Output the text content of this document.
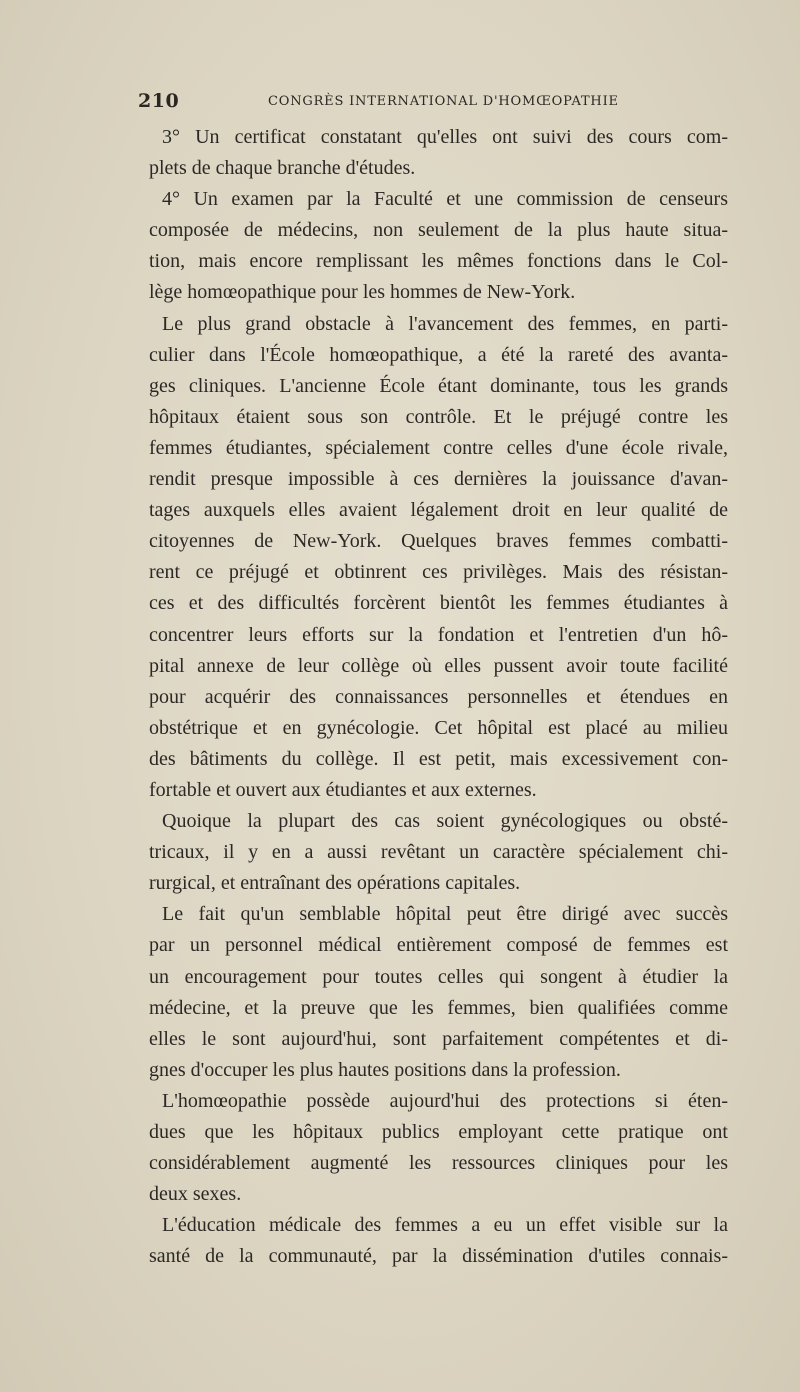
210	CONGRÈS INTERNATIONAL D'HOMŒOPATHIE
3° Un certificat constatant qu'elles ont suivi des cours com-
plets de chaque branche d'études.
4° Un examen par la Faculté et une commission de censeurs
composée de médecins, non seulement de la plus haute situa-
tion, mais encore remplissant les mêmes fonctions dans le Col-
lège homœopathique pour les hommes de New-York.
Le plus grand obstacle à l'avancement des femmes, en parti-
culier dans l'École homœopathique, a été la rareté des avanta-
ges cliniques. L'ancienne École étant dominante, tous les grands
hôpitaux étaient sous son contrôle. Et le préjugé contre les
femmes étudiantes, spécialement contre celles d'une école rivale,
rendit presque impossible à ces dernières la jouissance d'avan-
tages auxquels elles avaient légalement droit en leur qualité de
citoyennes de New-York. Quelques braves femmes combatti-
rent ce préjugé et obtinrent ces privilèges. Mais des résistan-
ces et des difficultés forcèrent bientôt les femmes étudiantes à
concentrer leurs efforts sur la fondation et l'entretien d'un hô-
pital annexe de leur collège où elles pussent avoir toute facilité
pour acquérir des connaissances personnelles et étendues en
obstétrique et en gynécologie. Cet hôpital est placé au milieu
des bâtiments du collège. Il est petit, mais excessivement con-
fortable et ouvert aux étudiantes et aux externes.
Quoique la plupart des cas soient gynécologiques ou obsté-
tricaux, il y en a aussi revêtant un caractère spécialement chi-
rurgical, et entraînant des opérations capitales.
Le fait qu'un semblable hôpital peut être dirigé avec succès
par un personnel médical entièrement composé de femmes est
un encouragement pour toutes celles qui songent à étudier la
médecine, et la preuve que les femmes, bien qualifiées comme
elles le sont aujourd'hui, sont parfaitement compétentes et di-
gnes d'occuper les plus hautes positions dans la profession.
L'homœopathie possède aujourd'hui des protections si éten-
dues que les hôpitaux publics employant cette pratique ont
considérablement augmenté les ressources cliniques pour les
deux sexes.
L'éducation médicale des femmes a eu un effet visible sur la
santé de la communauté, par la dissémination d'utiles connais-
